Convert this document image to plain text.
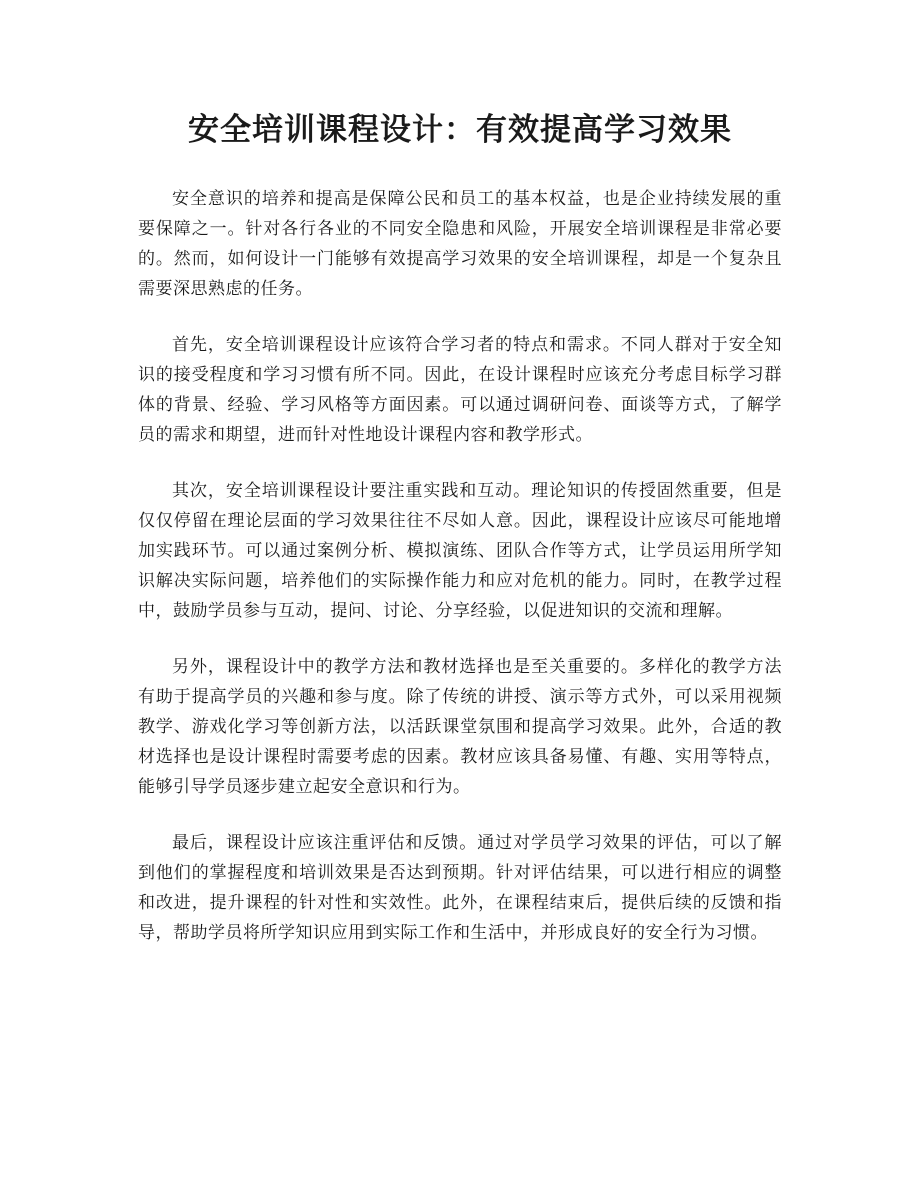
安全培训课程设计：有效提高学习效果

安全意识的培养和提高是保障公民和员工的基本权益，也是企业持续发展的重要保障之一。针对各行各业的不同安全隐患和风险，开展安全培训课程是非常必要的。然而，如何设计一门能够有效提高学习效果的安全培训课程，却是一个复杂且需要深思熟虑的任务。

首先，安全培训课程设计应该符合学习者的特点和需求。不同人群对于安全知识的接受程度和学习习惯有所不同。因此，在设计课程时应该充分考虑目标学习群体的背景、经验、学习风格等方面因素。可以通过调研问卷、面谈等方式，了解学员的需求和期望，进而针对性地设计课程内容和教学形式。

其次，安全培训课程设计要注重实践和互动。理论知识的传授固然重要，但是仅仅停留在理论层面的学习效果往往不尽如人意。因此，课程设计应该尽可能地增加实践环节。可以通过案例分析、模拟演练、团队合作等方式，让学员运用所学知识解决实际问题，培养他们的实际操作能力和应对危机的能力。同时，在教学过程中，鼓励学员参与互动，提问、讨论、分享经验，以促进知识的交流和理解。

另外，课程设计中的教学方法和教材选择也是至关重要的。多样化的教学方法有助于提高学员的兴趣和参与度。除了传统的讲授、演示等方式外，可以采用视频教学、游戏化学习等创新方法，以活跃课堂氛围和提高学习效果。此外，合适的教材选择也是设计课程时需要考虑的因素。教材应该具备易懂、有趣、实用等特点，能够引导学员逐步建立起安全意识和行为。

最后，课程设计应该注重评估和反馈。通过对学员学习效果的评估，可以了解到他们的掌握程度和培训效果是否达到预期。针对评估结果，可以进行相应的调整和改进，提升课程的针对性和实效性。此外，在课程结束后，提供后续的反馈和指导，帮助学员将所学知识应用到实际工作和生活中，并形成良好的安全行为习惯。
